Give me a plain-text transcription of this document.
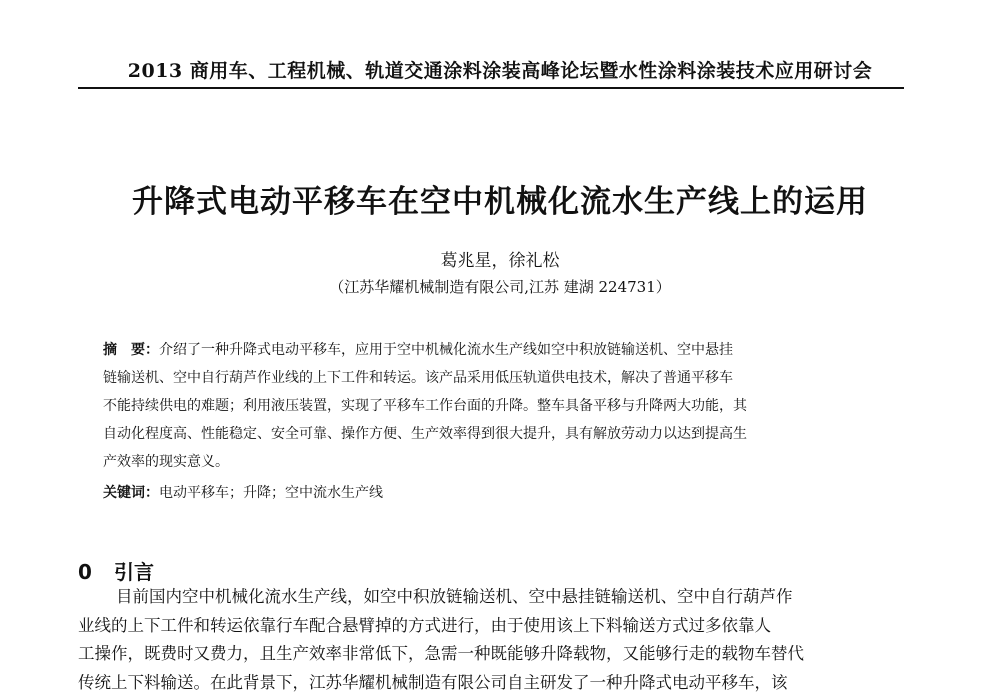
2013 商用车、工程机械、轨道交通涂料涂装高峰论坛暨水性涂料涂装技术应用研讨会
升降式电动平移车在空中机械化流水生产线上的运用
葛兆星，徐礼松
（江苏华耀机械制造有限公司,江苏 建湖 224731）
摘　要：介绍了一种升降式电动平移车，应用于空中机械化流水生产线如空中积放链输送机、空中悬挂
链输送机、空中自行葫芦作业线的上下工件和转运。该产品采用低压轨道供电技术，解决了普通平移车
不能持续供电的难题；利用液压装置，实现了平移车工作台面的升降。整车具备平移与升降两大功能，其
自动化程度高、性能稳定、安全可靠、操作方便、生产效率得到很大提升，具有解放劳动力以达到提高生
产效率的现实意义。
关键词：电动平移车；升降；空中流水生产线
0 引言
目前国内空中机械化流水生产线，如空中积放链输送机、空中悬挂链输送机、空中自行葫芦作
业线的上下工件和转运依靠行车配合悬臂掉的方式进行，由于使用该上下料输送方式过多依靠人
工操作，既费时又费力，且生产效率非常低下，急需一种既能够升降载物，又能够行走的载物车替代
传统上下料输送。在此背景下，江苏华耀机械制造有限公司自主研发了一种升降式电动平移车，该
